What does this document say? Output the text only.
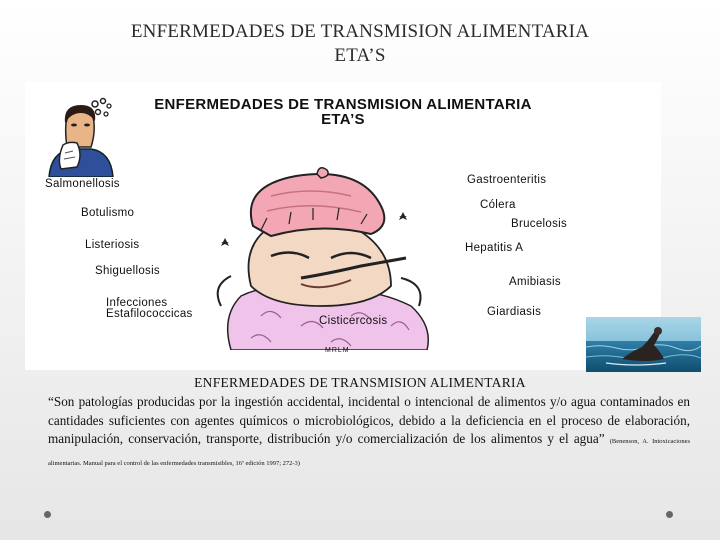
ENFERMEDADES DE TRANSMISION ALIMENTARIA
ETA’S
ENFERMEDADES DE TRANSMISION ALIMENTARIA
ETA’S
Salmonellosis
Botulismo
Listeriosis
Shiguellosis
Infecciones
Estafilococcicas
Gastroenteritis
Cólera
Brucelosis
Hepatitis A
Amibiasis
Giardiasis
Cisticercosis
MRLM
ENFERMEDADES DE TRANSMISION ALIMENTARIA
“Son patologías producidas por la ingestión accidental, incidental o intencional de alimentos y/o agua contaminados en cantidades suficientes con agentes químicos o microbiológicos, debido a la deficiencia en el proceso de elaboración, manipulación, conservación, transporte, distribución y/o comercialización de los alimentos y el agua” (Benenson, A. Intoxicaciones alimentarias. Manual para el control de las enfermedades transmisibles, 16ª edición 1997; 272-3)
